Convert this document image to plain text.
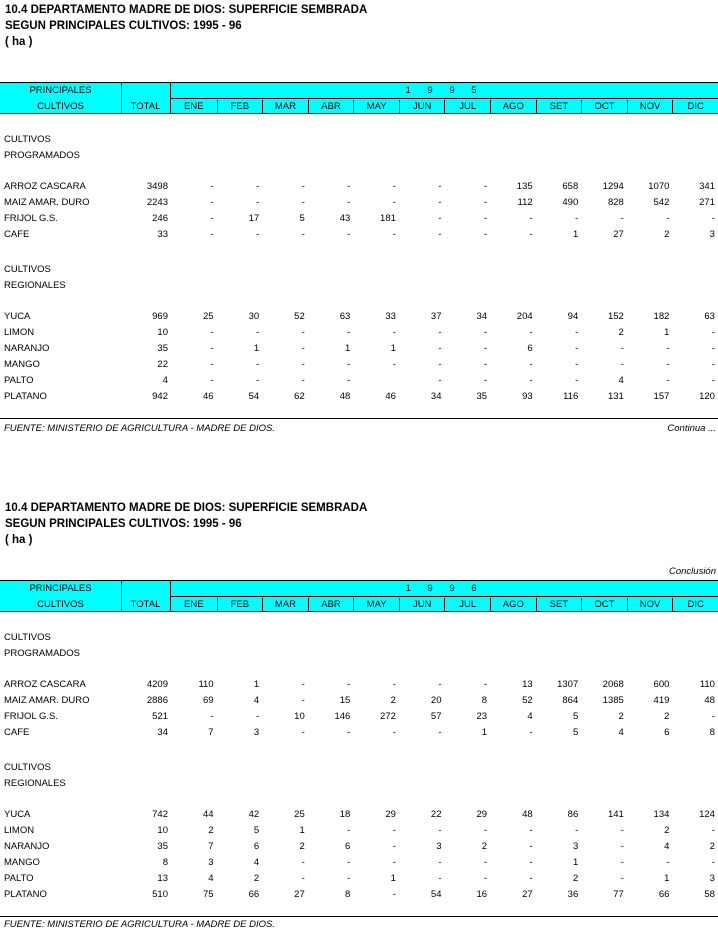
10.4 DEPARTAMENTO MADRE DE DIOS: SUPERFICIE SEMBRADA
SEGUN PRINCIPALES CULTIVOS: 1995 - 96
( ha )
PRINCIPALES
CULTIVOS	TOTAL
1 9 9 5
ENE	FEB	MAR	ABR	MAY	JUN	JUL	AGO	SET	OCT	NOV	DIC
CULTIVOS
PROGRAMADOS
ARROZ CASCARA	3498	-	-	-	-	-	-	-	135	658	1294	1070	341
MAIZ AMAR. DURO	2243	-	-	-	-	-	-	-	112	490	828	542	271
FRIJOL G.S.	246	-	17	5	43	181	-	-	-	-	-	-	-
CAFE	33	-	-	-	-	-	-	-	-	1	27	2	3
CULTIVOS
REGIONALES
YUCA	969	25	30	52	63	33	37	34	204	94	152	182	63
LIMON	10	-	-	-	-	-	-	-	-	-	2	1	-
NARANJO	35	-	1	-	1	1	-	-	6	-	-	-	-
MANGO	22	-	-	-	-	-	-	-	-	-	-	-	-
PALTO	4	-	-	-	-	-	-	-	-	4	-	-
PLATANO	942	46	54	62	48	46	34	35	93	116	131	157	120
FUENTE: MINISTERIO DE AGRICULTURA - MADRE DE DIOS.	Continua ...
10.4 DEPARTAMENTO MADRE DE DIOS: SUPERFICIE SEMBRADA
SEGUN PRINCIPALES CULTIVOS: 1995 - 96
( ha )
Conclusión
PRINCIPALES
CULTIVOS	TOTAL
1 9 9 6
ENE	FEB	MAR	ABR	MAY	JUN	JUL	AGO	SET	OCT	NOV	DIC
CULTIVOS
PROGRAMADOS
ARROZ CASCARA	4209	110	1	-	-	-	-	-	13	1307	2068	600	110
MAIZ AMAR. DURO	2886	69	4	-	15	2	20	8	52	864	1385	419	48
FRIJOL G.S.	521	-	-	10	146	272	57	23	4	5	2	2	-
CAFE	34	7	3	-	-	-	-	1	-	5	4	6	8
CULTIVOS
REGIONALES
YUCA	742	44	42	25	18	29	22	29	48	86	141	134	124
LIMON	10	2	5	1	-	-	-	-	-	-	-	2	-
NARANJO	35	7	6	2	6	-	3	2	-	3	-	4	2
MANGO	8	3	4	-	-	-	-	-	-	1	-	-	-
PALTO	13	4	2	-	-	1	-	-	-	2	-	1	3
PLATANO	510	75	66	27	8	-	54	16	27	36	77	66	58
FUENTE: MINISTERIO DE AGRICULTURA - MADRE DE DIOS.
